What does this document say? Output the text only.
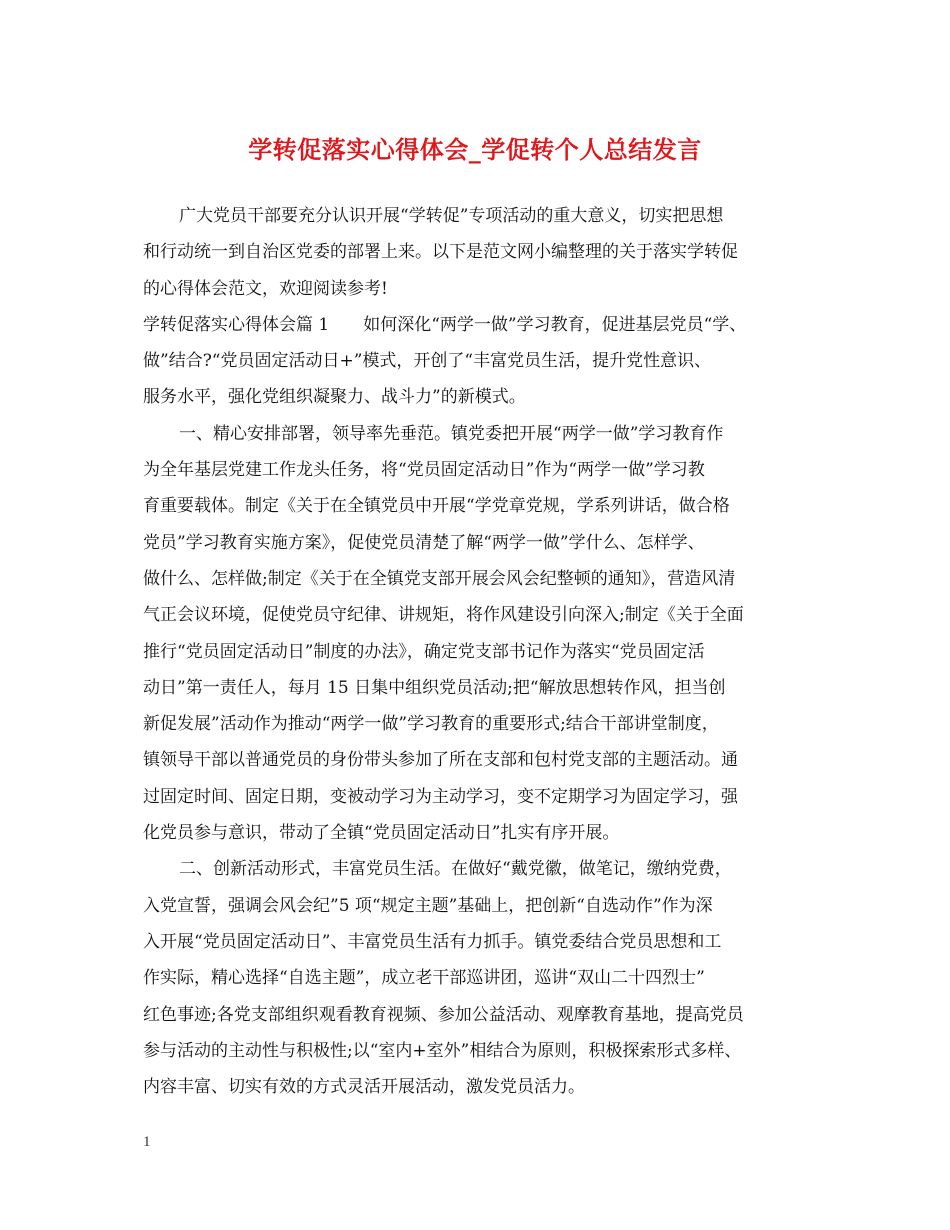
学转促落实心得体会_学促转个人总结发言
广大党员干部要充分认识开展“学转促”专项活动的重大意义，切实把思想
和行动统一到自治区党委的部署上来。以下是范文网小编整理的关于落实学转促
的心得体会范文，欢迎阅读参考!
学转促落实心得体会篇 1　　如何深化“两学一做”学习教育，促进基层党员“学、
做”结合?“党员固定活动日+”模式，开创了“丰富党员生活，提升党性意识、
服务水平，强化党组织凝聚力、战斗力”的新模式。
一、精心安排部署，领导率先垂范。镇党委把开展“两学一做”学习教育作
为全年基层党建工作龙头任务，将“党员固定活动日”作为“两学一做”学习教
育重要载体。制定《关于在全镇党员中开展“学党章党规，学系列讲话，做合格
党员”学习教育实施方案》，促使党员清楚了解“两学一做”学什么、怎样学、
做什么、怎样做;制定《关于在全镇党支部开展会风会纪整顿的通知》，营造风清
气正会议环境，促使党员守纪律、讲规矩，将作风建设引向深入;制定《关于全面
推行“党员固定活动日”制度的办法》，确定党支部书记作为落实“党员固定活
动日”第一责任人，每月 15 日集中组织党员活动;把“解放思想转作风，担当创
新促发展”活动作为推动“两学一做”学习教育的重要形式;结合干部讲堂制度，
镇领导干部以普通党员的身份带头参加了所在支部和包村党支部的主题活动。通
过固定时间、固定日期，变被动学习为主动学习，变不定期学习为固定学习，强
化党员参与意识，带动了全镇“党员固定活动日”扎实有序开展。
二、创新活动形式，丰富党员生活。在做好“戴党徽，做笔记，缴纳党费，
入党宣誓，强调会风会纪”5 项“规定主题”基础上，把创新“自选动作”作为深
入开展“党员固定活动日”、丰富党员生活有力抓手。镇党委结合党员思想和工
作实际，精心选择“自选主题”，成立老干部巡讲团，巡讲“双山二十四烈士”
红色事迹;各党支部组织观看教育视频、参加公益活动、观摩教育基地，提高党员
参与活动的主动性与积极性;以“室内+室外”相结合为原则，积极探索形式多样、
内容丰富、切实有效的方式灵活开展活动，激发党员活力。
1
